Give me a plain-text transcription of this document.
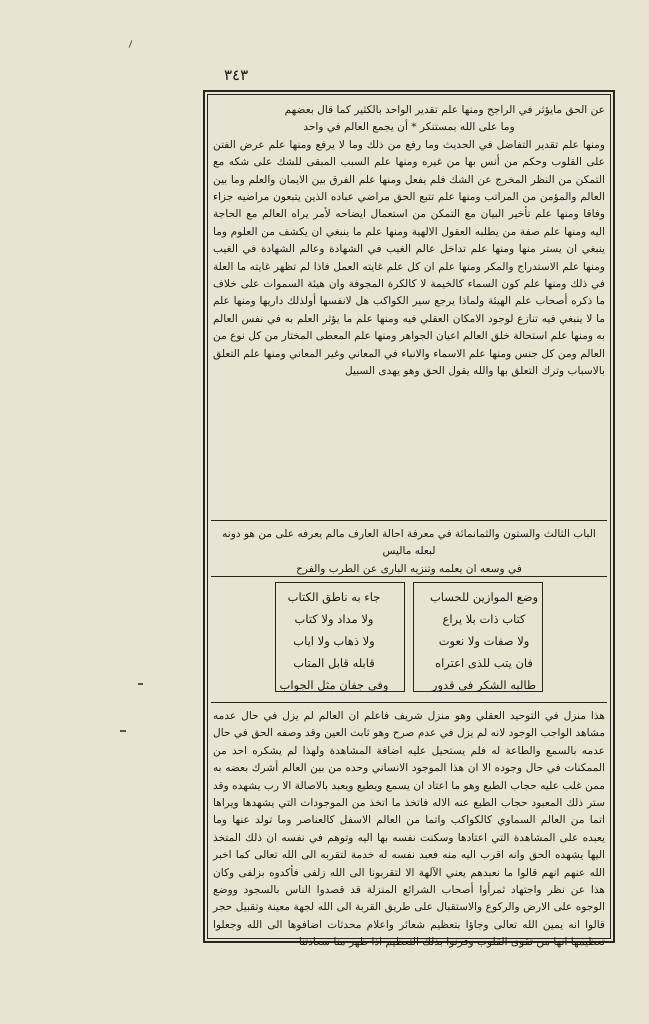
٣٤٣

عن الحق مايؤثر في الراجح ومنها علم تقدير الواحد بالكثير كما قال بعضهم

وما على الله بمستنكر * أن يجمع العالم في واحد

ومنها علم تقدير التفاضل في الحديث وما رفع من ذلك وما لا يرفع ومنها علم عرض الفتن على القلوب وحكم من أنس بها من غيره ومنها علم السبب المبقى للشك على شكه مع التمكن من النظر المخرج عن الشك فلم يفعل ومنها علم الفرق بين الايمان والعلم وما بين العالم والمؤمن من المراتب ومنها علم تتبع الحق مراضي عباده الذين يتبعون مراضيه جزاء وفاقا ومنها علم تأخير البيان مع التمكن من استعمال ايضاحه لأمر يراه العالم مع الحاجة اليه ومنها علم صفة من يطلبه العقول الالهية ومنها علم ما ينبغي ان يكشف من العلوم وما ينبغي ان يستر منها ومنها علم تداخل عالم الغيب في الشهادة وعالم الشهادة في الغيب ومنها علم الاستدراج والمكر ومنها علم ان كل علم غايته العمل فاذا لم تظهر غايته ما العلة في ذلك ومنها علم كون السماء كالخيمة لا كالكرة المجوفة وان هيئة السموات على خلاف ما ذكره أصحاب علم الهيئة ولماذا يرجع سير الكواكب هل لانفسها أولذلك داريها ومنها علم ما لا ينبغي فيه تنازع لوجود الامكان العقلي فيه ومنها علم ما يؤثر العلم به في نفس العالم به ومنها علم استحالة خلق العالم اعيان الجواهر ومنها علم المعطى المختار من كل نوع من العالم ومن كل جنس ومنها علم الاسماء والانباء في المعاني وغير المعاني ومنها علم التعلق بالاسباب وترك التعلق بها والله يقول الحق وهو يهدى السبيل

الباب الثالث والستون والثمانمائة في معرفة احالة العارف مالم يعرفه على من هو دونه لبعله ماليس

في وسعه ان يعلمه وتنزيه البارى عن الطرب والفرح

وضع الموازين للحساب
كتاب ذات بلا يراع
ولا صفات ولا نعوت
فان يتب للذى اعتراه
طالبه الشكر فى قدور
جاء به ناطق الكتاب
ولا مداد ولا كتاب
ولا ذهاب ولا اياب
قابله قابل المتاب
وفى جفان مثل الجواب

هذا منزل في التوحيد العقلي وهو منزل شريف فاعلم ان العالم لم يزل في حال عدمه مشاهد الواجب الوجود لانه لم يزل في عدم صرح وهو ثابت العين وقد وصفه الحق في حال عدمه بالسمع والطاعة له فلم يستحيل عليه اضافة المشاهدة ولهذا لم يشكره احد من الممكنات في حال وجوده الا ان هذا الموجود الانساني وحده من بين العالم أشرك بعضه به ممن غلب عليه حجاب الطبع وهو ما اعتاد ان يسمع ويطيع ويعبد بالاصالة الا رب يشهده وقد ستر ذلك المعبود حجاب الطبع عنه الاله فاتخذ ما اتخذ من الموجودات التي يشهدها ويراها اتما من العالم السماوي كالكواكب واتما من العالم الاسفل كالعناصر وما تولد عنها وما يعبده على المشاهدة التي اعتادها وسكنت نفسه بها اليه وتوهم في نفسه ان ذلك المتخذ اليها يشهده الحق وانه اقرب اليه منه فعبد نفسه له خدمة لتقربه الى الله تعالى كما اخبر الله عنهم انهم قالوا ما نعبدهم يعني الآلهة الا لتقربونا الى الله زلفى فأكدوه بزلفى وكان هذا عن نظر واجتهاد ثمرأوا أصحاب الشرائع المنزلة قد قصدوا الناس بالسجود ووضع الوجوه على الارض والركوع والاستقبال على طريق القربة الى الله لجهة معينة وتقبيل حجر قالوا انه يمين الله تعالى وجاؤا بتعظيم شعائر واعلام محدثات اضافوها الى الله وجعلوا تعظيمها انها من تقوى القلوب وقرنوا بذلك التعظيم اذا ظهر منا سعادتنا
